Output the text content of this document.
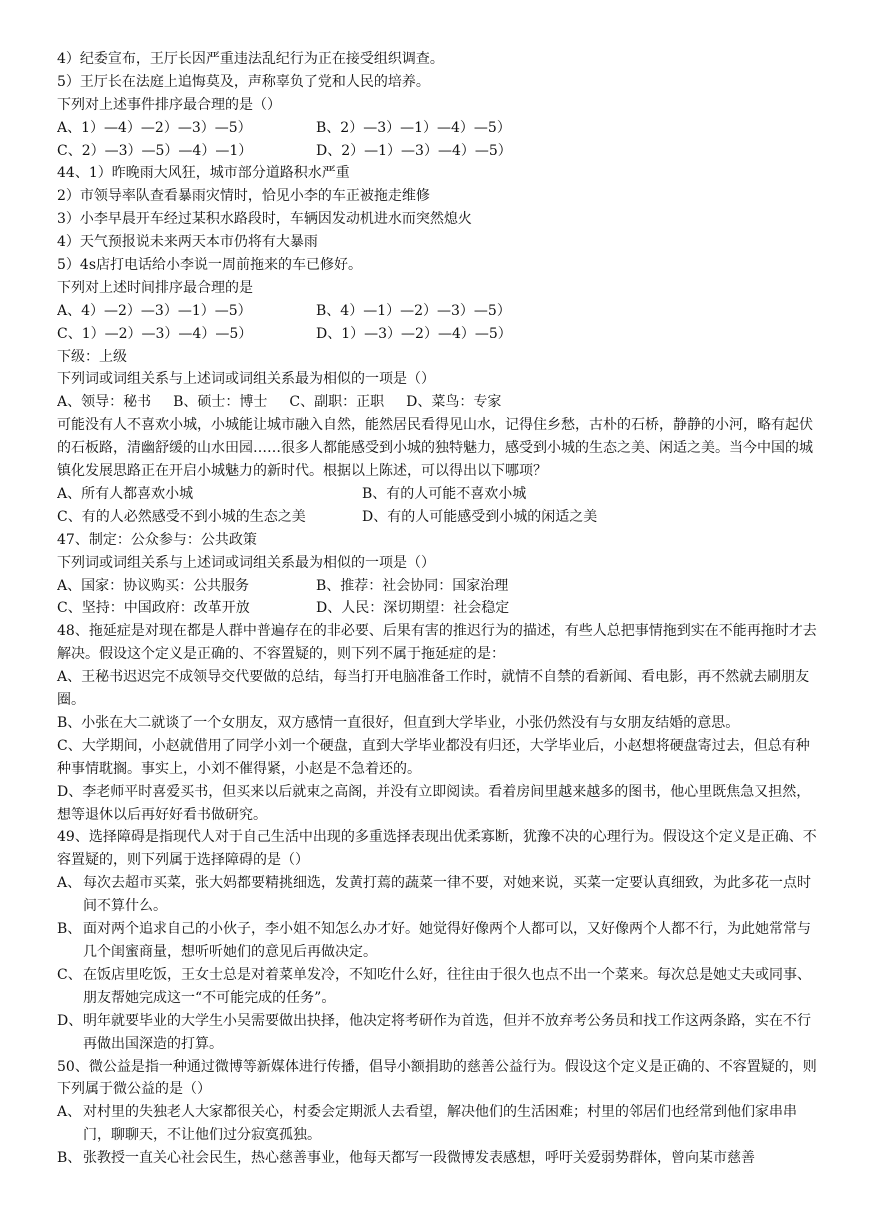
4）纪委宣布，王厅长因严重违法乱纪行为正在接受组织调查。
5）王厅长在法庭上追悔莫及，声称辜负了党和人民的培养。
下列对上述事件排序最合理的是（）
A、1）—4）—2）—3）—5）	B、2）—3）—1）—4）—5）
C、2）—3）—5）—4）—1）	D、2）—1）—3）—4）—5）
44、1）昨晚雨大风狂，城市部分道路积水严重
2）市领导率队查看暴雨灾情时，恰见小李的车正被拖走维修
3）小李早晨开车经过某积水路段时，车辆因发动机进水而突然熄火
4）天气预报说未来两天本市仍将有大暴雨
5）4s店打电话给小李说一周前拖来的车已修好。
下列对上述时间排序最合理的是
A、4）—2）—3）—1）—5）	B、4）—1）—2）—3）—5）
C、1）—2）—3）—4）—5）	D、1）—3）—2）—4）—5）
下级：上级
下列词或词组关系与上述词或词组关系最为相似的一项是（）
A、领导：秘书 B、硕士：博士 C、副职：正职 D、菜鸟：专家
可能没有人不喜欢小城，小城能让城市融入自然，能然居民看得见山水，记得住乡愁，古朴的石桥，静静的小河，略有起伏的石板路，清幽舒缓的山水田园……很多人都能感受到小城的独特魅力，感受到小城的生态之美、闲适之美。当今中国的城镇化发展思路正在开启小城魅力的新时代。根据以上陈述，可以得出以下哪项？
A、所有人都喜欢小城	B、有的人可能不喜欢小城
C、有的人必然感受不到小城的生态之美	D、有的人可能感受到小城的闲适之美
47、制定：公众参与：公共政策
下列词或词组关系与上述词或词组关系最为相似的一项是（）
A、国家：协议购买：公共服务	B、推荐：社会协同：国家治理
C、坚持：中国政府：改革开放	D、人民：深切期望：社会稳定
48、拖延症是对现在都是人群中普遍存在的非必要、后果有害的推迟行为的描述，有些人总把事情拖到实在不能再拖时才去解决。假设这个定义是正确的、不容置疑的，则下列不属于拖延症的是：
A、王秘书迟迟完不成领导交代要做的总结，每当打开电脑准备工作时，就情不自禁的看新闻、看电影，再不然就去刷朋友圈。
B、小张在大二就谈了一个女朋友，双方感情一直很好，但直到大学毕业，小张仍然没有与女朋友结婚的意思。
C、大学期间，小赵就借用了同学小刘一个硬盘，直到大学毕业都没有归还，大学毕业后，小赵想将硬盘寄过去，但总有种种事情耽搁。事实上，小刘不催得紧，小赵是不急着还的。
D、李老师平时喜爱买书，但买来以后就束之高阁，并没有立即阅读。看着房间里越来越多的图书，他心里既焦急又担然，想等退休以后再好好看书做研究。
49、选择障碍是指现代人对于自己生活中出现的多重选择表现出优柔寡断，犹豫不决的心理行为。假设这个定义是正确、不容置疑的，则下列属于选择障碍的是（）
A、 每次去超市买菜，张大妈都要精挑细选，发黄打蔫的蔬菜一律不要，对她来说，买菜一定要认真细致，为此多花一点时间不算什么。
B、 面对两个追求自己的小伙子，李小姐不知怎么办才好。她觉得好像两个人都可以，又好像两个人都不行，为此她常常与几个闺蜜商量，想听听她们的意见后再做决定。
C、 在饭店里吃饭，王女士总是对着菜单发冷，不知吃什么好，往往由于很久也点不出一个菜来。每次总是她丈夫或同事、朋友帮她完成这一“不可能完成的任务”。
D、 明年就要毕业的大学生小吴需要做出抉择，他决定将考研作为首选，但并不放弃考公务员和找工作这两条路，实在不行再做出国深造的打算。
50、微公益是指一种通过微博等新媒体进行传播，倡导小额捐助的慈善公益行为。假设这个定义是正确的、不容置疑的，则下列属于微公益的是（）
A、 对村里的失独老人大家都很关心，村委会定期派人去看望，解决他们的生活困难；村里的邻居们也经常到他们家串串门，聊聊天，不让他们过分寂寞孤独。
B、 张教授一直关心社会民生，热心慈善事业，他每天都写一段微博发表感想，呼吁关爱弱势群体，曾向某市慈善
